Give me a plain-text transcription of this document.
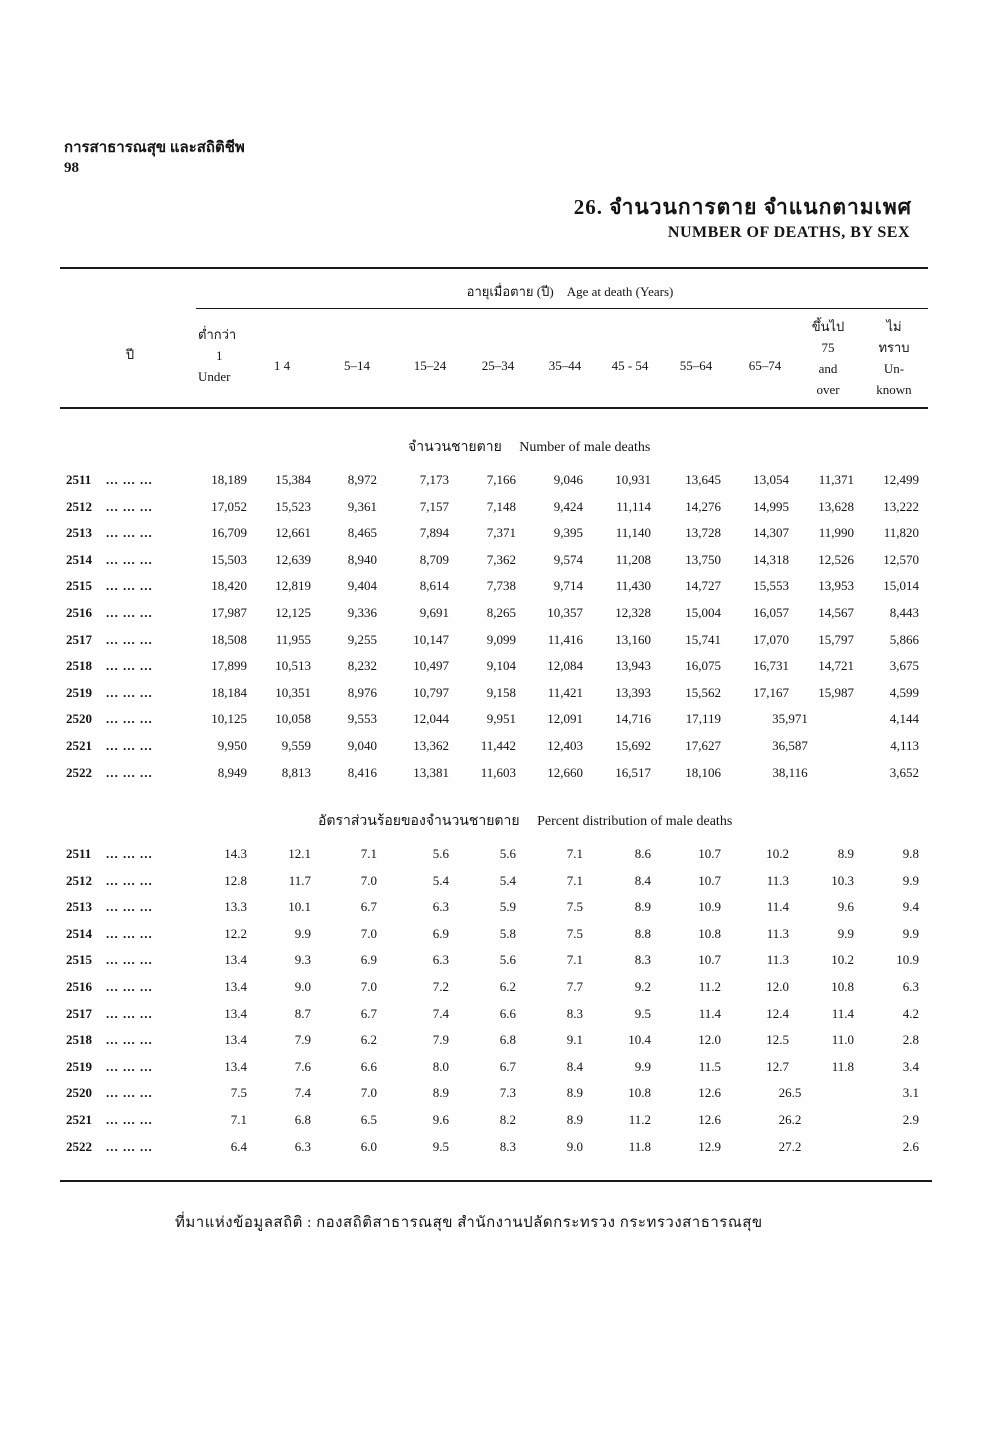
การสาธารณสุข และสถิติชีพ
98
26. จำนวนการตาย จำแนกตามเพศ
NUMBER OF DEATHS, BY SEX
ปี
อายุเมื่อตาย (ปี) Age at death (Years)
ต่ำกว่า
1
Under
1 4	5–14	15–24	25–34	35–44	45 - 54	55–64	65–74
ขึ้นไป
75
and
over
ไม่
ทราบ
Un-
known
จำนวนชายตาย Number of male deaths
2511 ... ... ...	18,189	15,384	8,972	7,173	7,166	9,046	10,931	13,645	13,054	11,371	12,499
2512 ... ... ...	17,052	15,523	9,361	7,157	7,148	9,424	11,114	14,276	14,995	13,628	13,222
2513 ... ... ...	16,709	12,661	8,465	7,894	7,371	9,395	11,140	13,728	14,307	11,990	11,820
2514 ... ... ...	15,503	12,639	8,940	8,709	7,362	9,574	11,208	13,750	14,318	12,526	12,570
2515 ... ... ...	18,420	12,819	9,404	8,614	7,738	9,714	11,430	14,727	15,553	13,953	15,014
2516 ... ... ...	17,987	12,125	9,336	9,691	8,265	10,357	12,328	15,004	16,057	14,567	8,443
2517 ... ... ...	18,508	11,955	9,255	10,147	9,099	11,416	13,160	15,741	17,070	15,797	5,866
2518 ... ... ...	17,899	10,513	8,232	10,497	9,104	12,084	13,943	16,075	16,731	14,721	3,675
2519 ... ... ...	18,184	10,351	8,976	10,797	9,158	11,421	13,393	15,562	17,167	15,987	4,599
2520 ... ... ...	10,125	10,058	9,553	12,044	9,951	12,091	14,716	17,119	35,971	4,144
2521 ... ... ...	9,950	9,559	9,040	13,362	11,442	12,403	15,692	17,627	36,587	4,113
2522 ... ... ...	8,949	8,813	8,416	13,381	11,603	12,660	16,517	18,106	38,116	3,652
อัตราส่วนร้อยของจำนวนชายตาย Percent distribution of male deaths
2511 ... ... ...	14.3	12.1	7.1	5.6	5.6	7.1	8.6	10.7	10.2	8.9	9.8
2512 ... ... ...	12.8	11.7	7.0	5.4	5.4	7.1	8.4	10.7	11.3	10.3	9.9
2513 ... ... ...	13.3	10.1	6.7	6.3	5.9	7.5	8.9	10.9	11.4	9.6	9.4
2514 ... ... ...	12.2	9.9	7.0	6.9	5.8	7.5	8.8	10.8	11.3	9.9	9.9
2515 ... ... ...	13.4	9.3	6.9	6.3	5.6	7.1	8.3	10.7	11.3	10.2	10.9
2516 ... ... ...	13.4	9.0	7.0	7.2	6.2	7.7	9.2	11.2	12.0	10.8	6.3
2517 ... ... ...	13.4	8.7	6.7	7.4	6.6	8.3	9.5	11.4	12.4	11.4	4.2
2518 ... ... ...	13.4	7.9	6.2	7.9	6.8	9.1	10.4	12.0	12.5	11.0	2.8
2519 ... ... ...	13.4	7.6	6.6	8.0	6.7	8.4	9.9	11.5	12.7	11.8	3.4
2520 ... ... ...	7.5	7.4	7.0	8.9	7.3	8.9	10.8	12.6	26.5	3.1
2521 ... ... ...	7.1	6.8	6.5	9.6	8.2	8.9	11.2	12.6	26.2	2.9
2522 ... ... ...	6.4	6.3	6.0	9.5	8.3	9.0	11.8	12.9	27.2	2.6
ที่มาแห่งข้อมูลสถิติ : กองสถิติสาธารณสุข สำนักงานปลัดกระทรวง กระทรวงสาธารณสุข
